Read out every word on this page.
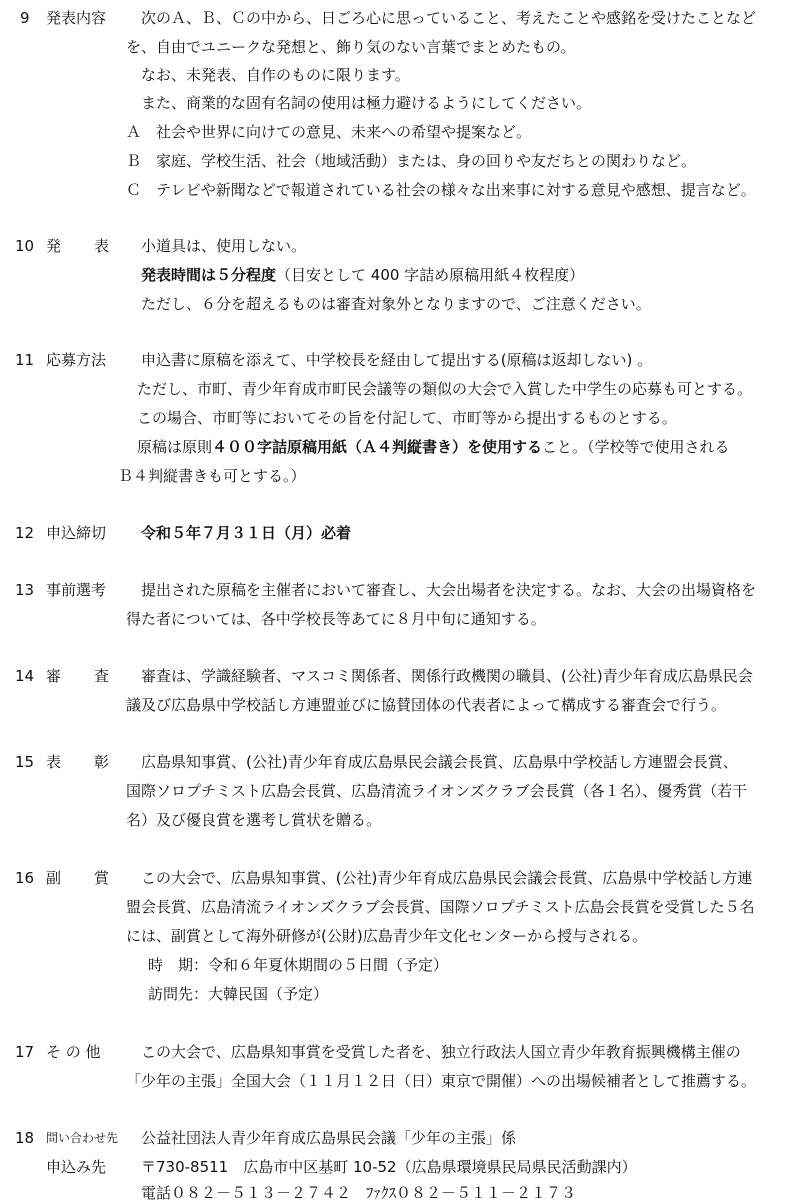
9 発表内容 次のＡ、Ｂ、Ｃの中から、日ごろ心に思っていること、考えたことや感銘を受けたことなど
を、自由でユニークな発想と、飾り気のない言葉でまとめたもの。
なお、未発表、自作のものに限ります。
また、商業的な固有名詞の使用は極力避けるようにしてください。
Ａ 社会や世界に向けての意見、未来への希望や提案など。
Ｂ 家庭、学校生活、社会（地域活動）または、身の回りや友だちとの関わりなど。
Ｃ テレビや新聞などで報道されている社会の様々な出来事に対する意見や感想、提言など。
10 発 表 小道具は、使用しない。
発表時間は５分程度（目安として 400 字詰め原稿用紙４枚程度）
ただし、６分を超えるものは審査対象外となりますので、ご注意ください。
11 応募方法 申込書に原稿を添えて、中学校長を経由して提出する(原稿は返却しない) 。
ただし、市町、青少年育成市町民会議等の類似の大会で入賞した中学生の応募も可とする。
この場合、市町等においてその旨を付記して、市町等から提出するものとする。
原稿は原則４００字詰原稿用紙（Ａ４判縦書き）を使用すること。（学校等で使用される
Ｂ４判縦書きも可とする。）
12 申込締切 令和５年７月３１日（月）必着
13 事前選考 提出された原稿を主催者において審査し、大会出場者を決定する。なお、大会の出場資格を
得た者については、各中学校長等あてに８月中旬に通知する。
14 審 査 審査は、学識経験者、マスコミ関係者、関係行政機関の職員、(公社)青少年育成広島県民会
議及び広島県中学校話し方連盟並びに協賛団体の代表者によって構成する審査会で行う。
15 表 彰 広島県知事賞、(公社)青少年育成広島県民会議会長賞、広島県中学校話し方連盟会長賞、
国際ソロプチミスト広島会長賞、広島清流ライオンズクラブ会長賞（各１名）、優秀賞（若干
名）及び優良賞を選考し賞状を贈る。
16 副 賞 この大会で、広島県知事賞、(公社)青少年育成広島県民会議会長賞、広島県中学校話し方連
盟会長賞、広島清流ライオンズクラブ会長賞、国際ソロプチミスト広島会長賞を受賞した５名
には、副賞として海外研修が(公財)広島青少年文化センターから授与される。
時　期：令和６年夏休期間の５日間（予定）
訪問先：大韓民国（予定）
17 そ の 他	この大会で、広島県知事賞を受賞した者を、独立行政法人国立青少年教育振興機構主催の
「少年の主張」全国大会（１１月１２日（日）東京で開催）への出場候補者として推薦する。
18 問い合わせ先
申込み先
公益社団法人青少年育成広島県民会議「少年の主張」係
〒730-8511　広島市中区基町 10-52（広島県環境県民局県民活動課内）
電話０８２－５１３－２７４２　ﾌｧｸｽ０８２－５１１－２１７３
